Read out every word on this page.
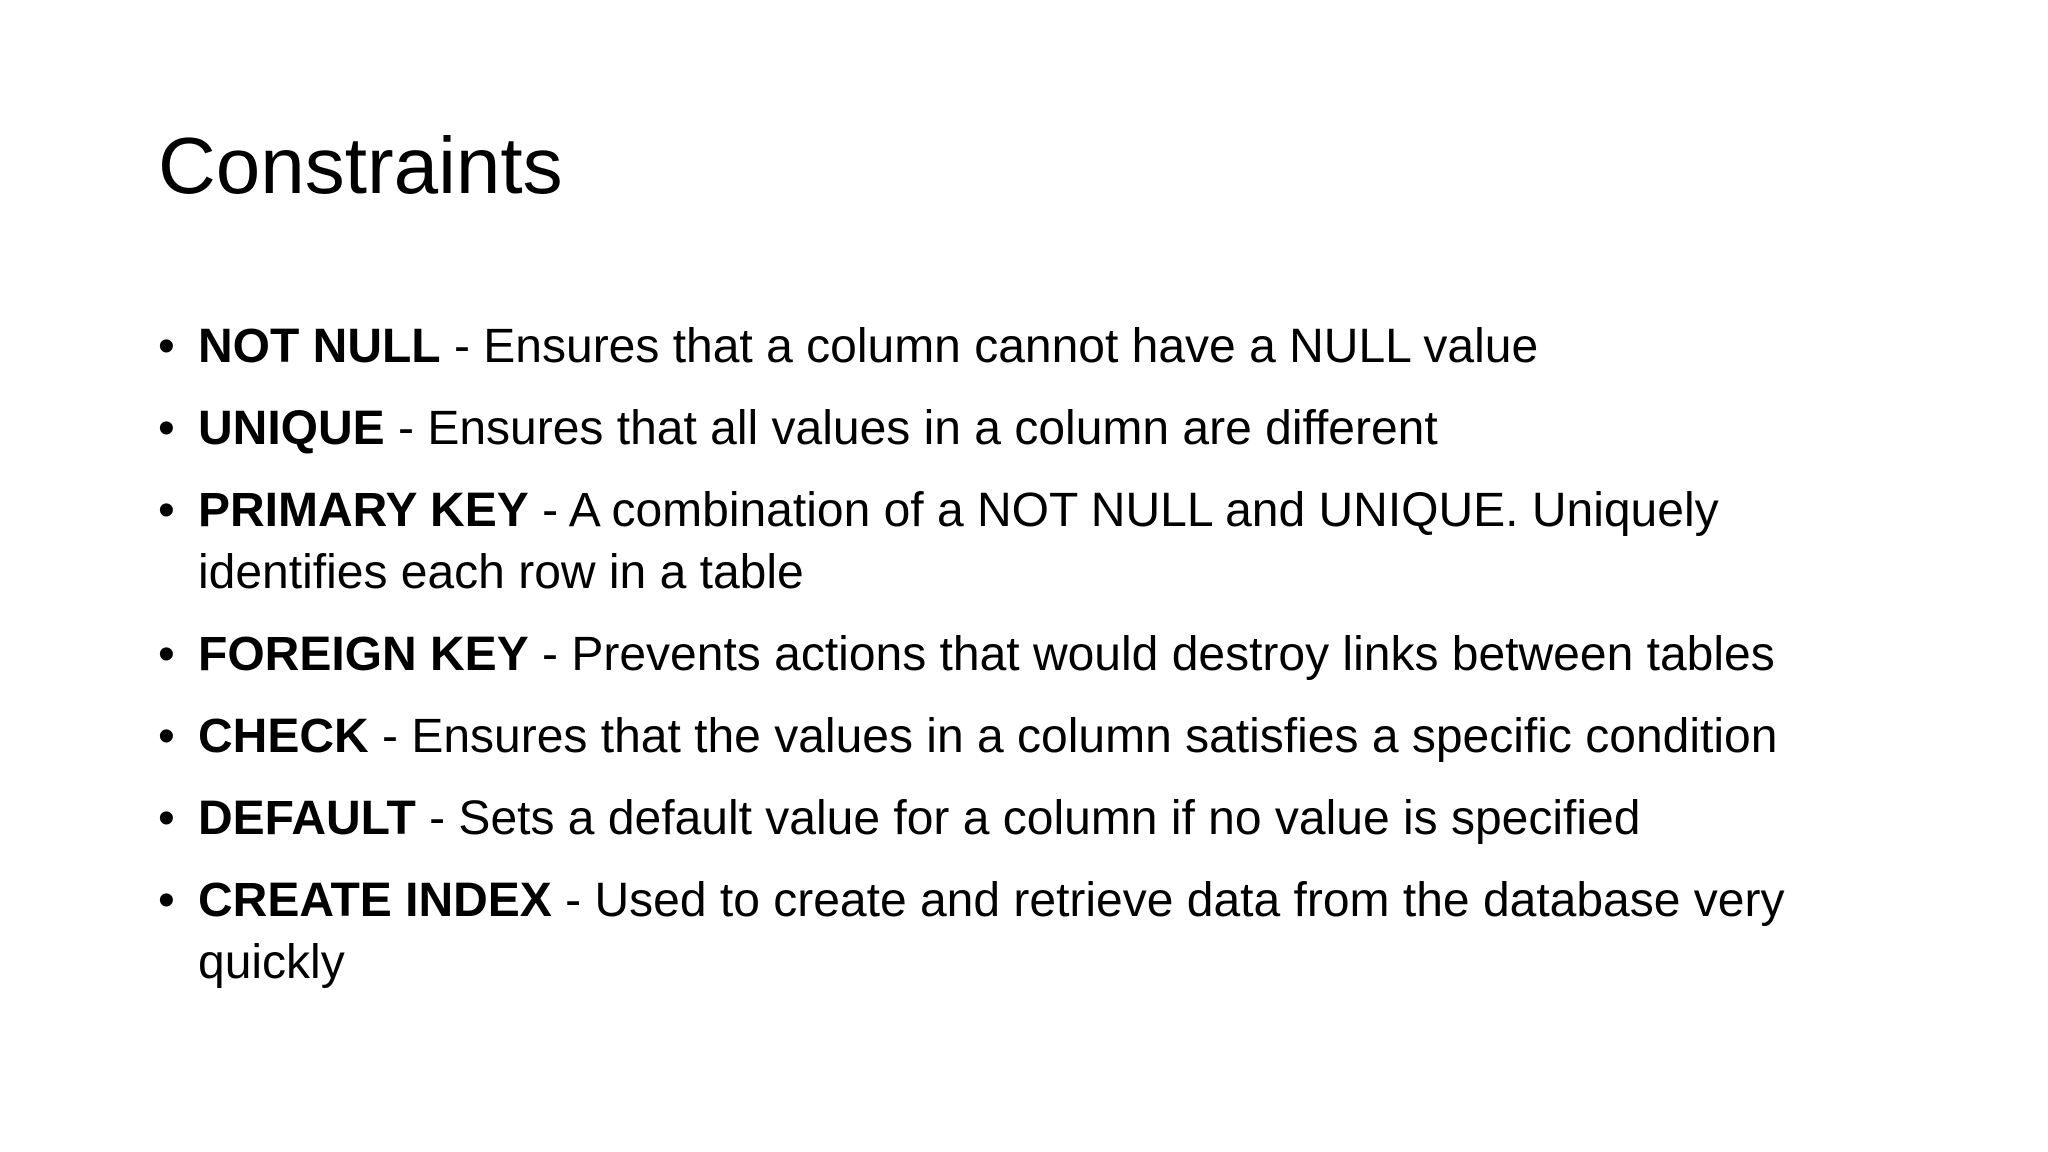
Constraints
• NOT NULL - Ensures that a column cannot have a NULL value
• UNIQUE - Ensures that all values in a column are different
• PRIMARY KEY - A combination of a NOT NULL and UNIQUE. Uniquely identifies each row in a table
• FOREIGN KEY - Prevents actions that would destroy links between tables
• CHECK - Ensures that the values in a column satisfies a specific condition
• DEFAULT - Sets a default value for a column if no value is specified
• CREATE INDEX - Used to create and retrieve data from the database very quickly
